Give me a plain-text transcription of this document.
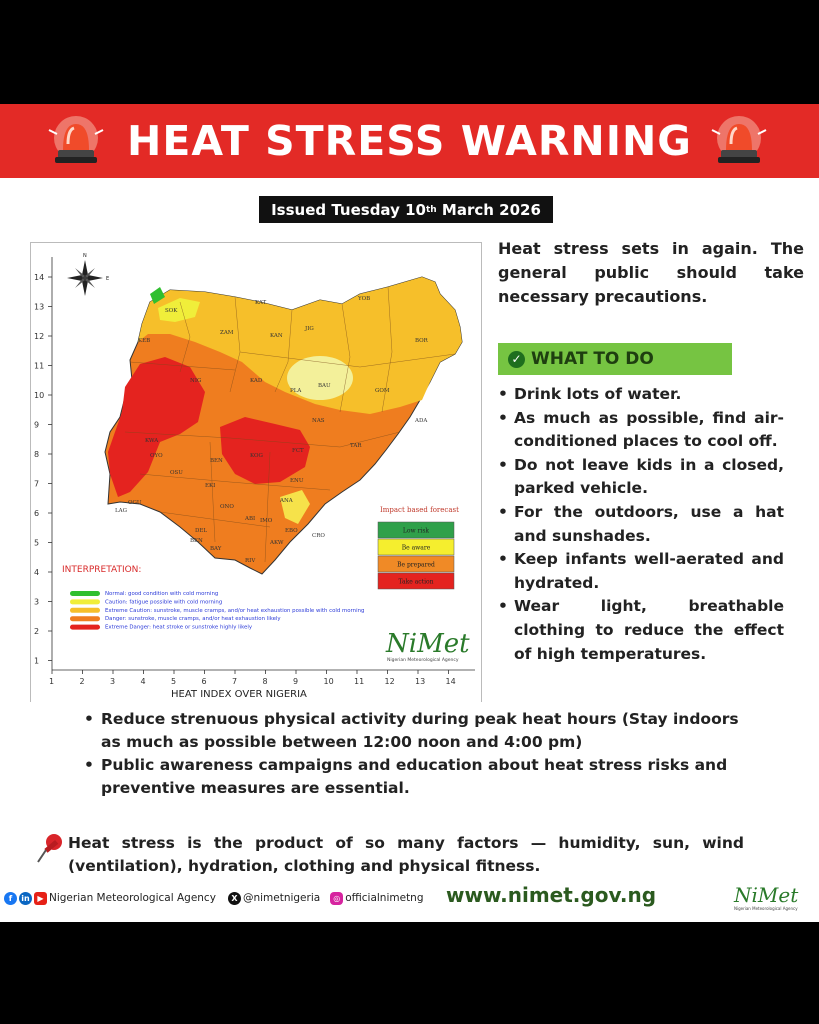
HEAT STRESS WARNING
Issued Tuesday 10 th March 2026
1	2	3	4	5	6	7	8	9	10	11	12	13	14
14
13
12
11
10
9
8
7
6
5
4
3
2
1
N
E
SOK
KAT
KAN
JIG
YOB
BOR
ZAM
KEB
KAD
BAU
GOM
ADA
NIG
KWA
KOG
BEN
ANA
ABI
AKW
CRO
TAR
BEN
PLA
NAS
FCT
OYO
OGU
LAG
OSU
EKI
ONO
DEL
RIV
BAY
IMO
ENU
EBO
INTERPRETATION:
Normal: good condition with cold morning
Caution: fatigue possible with cold morning
Extreme Caution: sunstroke, muscle cramps, and/or heat exhaustion possible with cold morning
Danger: sunstroke, muscle cramps, and/or heat exhaustion likely
Extreme Danger: heat stroke or sunstroke highly likely
Impact based forecast
Low risk
Be aware
Be prepared
Take action
NiMet
Nigerian Meteorological Agency
HEAT INDEX OVER NIGERIA
Heat stress sets in again. The general public should take necessary precautions.
✓ WHAT TO DO
• Drink lots of water.
• As much as possible, find air-conditioned places to cool off.
• Do not leave kids in a closed, parked vehicle.
• For the outdoors, use a hat and sunshades.
• Keep infants well-aerated and hydrated.
• Wear light, breathable clothing to reduce the effect of high temperatures.
• Reduce strenuous physical activity during peak heat hours (Stay indoors as much as possible between 12:00 noon and 4:00 pm)
• Public awareness campaigns and education about heat stress risks and preventive measures are essential.
Heat stress is the product of so many factors — humidity, sun, wind (ventilation), hydration, clothing and physical fitness.
f	in ▶ Nigerian Meteorological Agency	X @nimetnigeria	◎ officialnimetng www.nimet.gov.ng	NiMet
Nigerian Meteorological Agency
